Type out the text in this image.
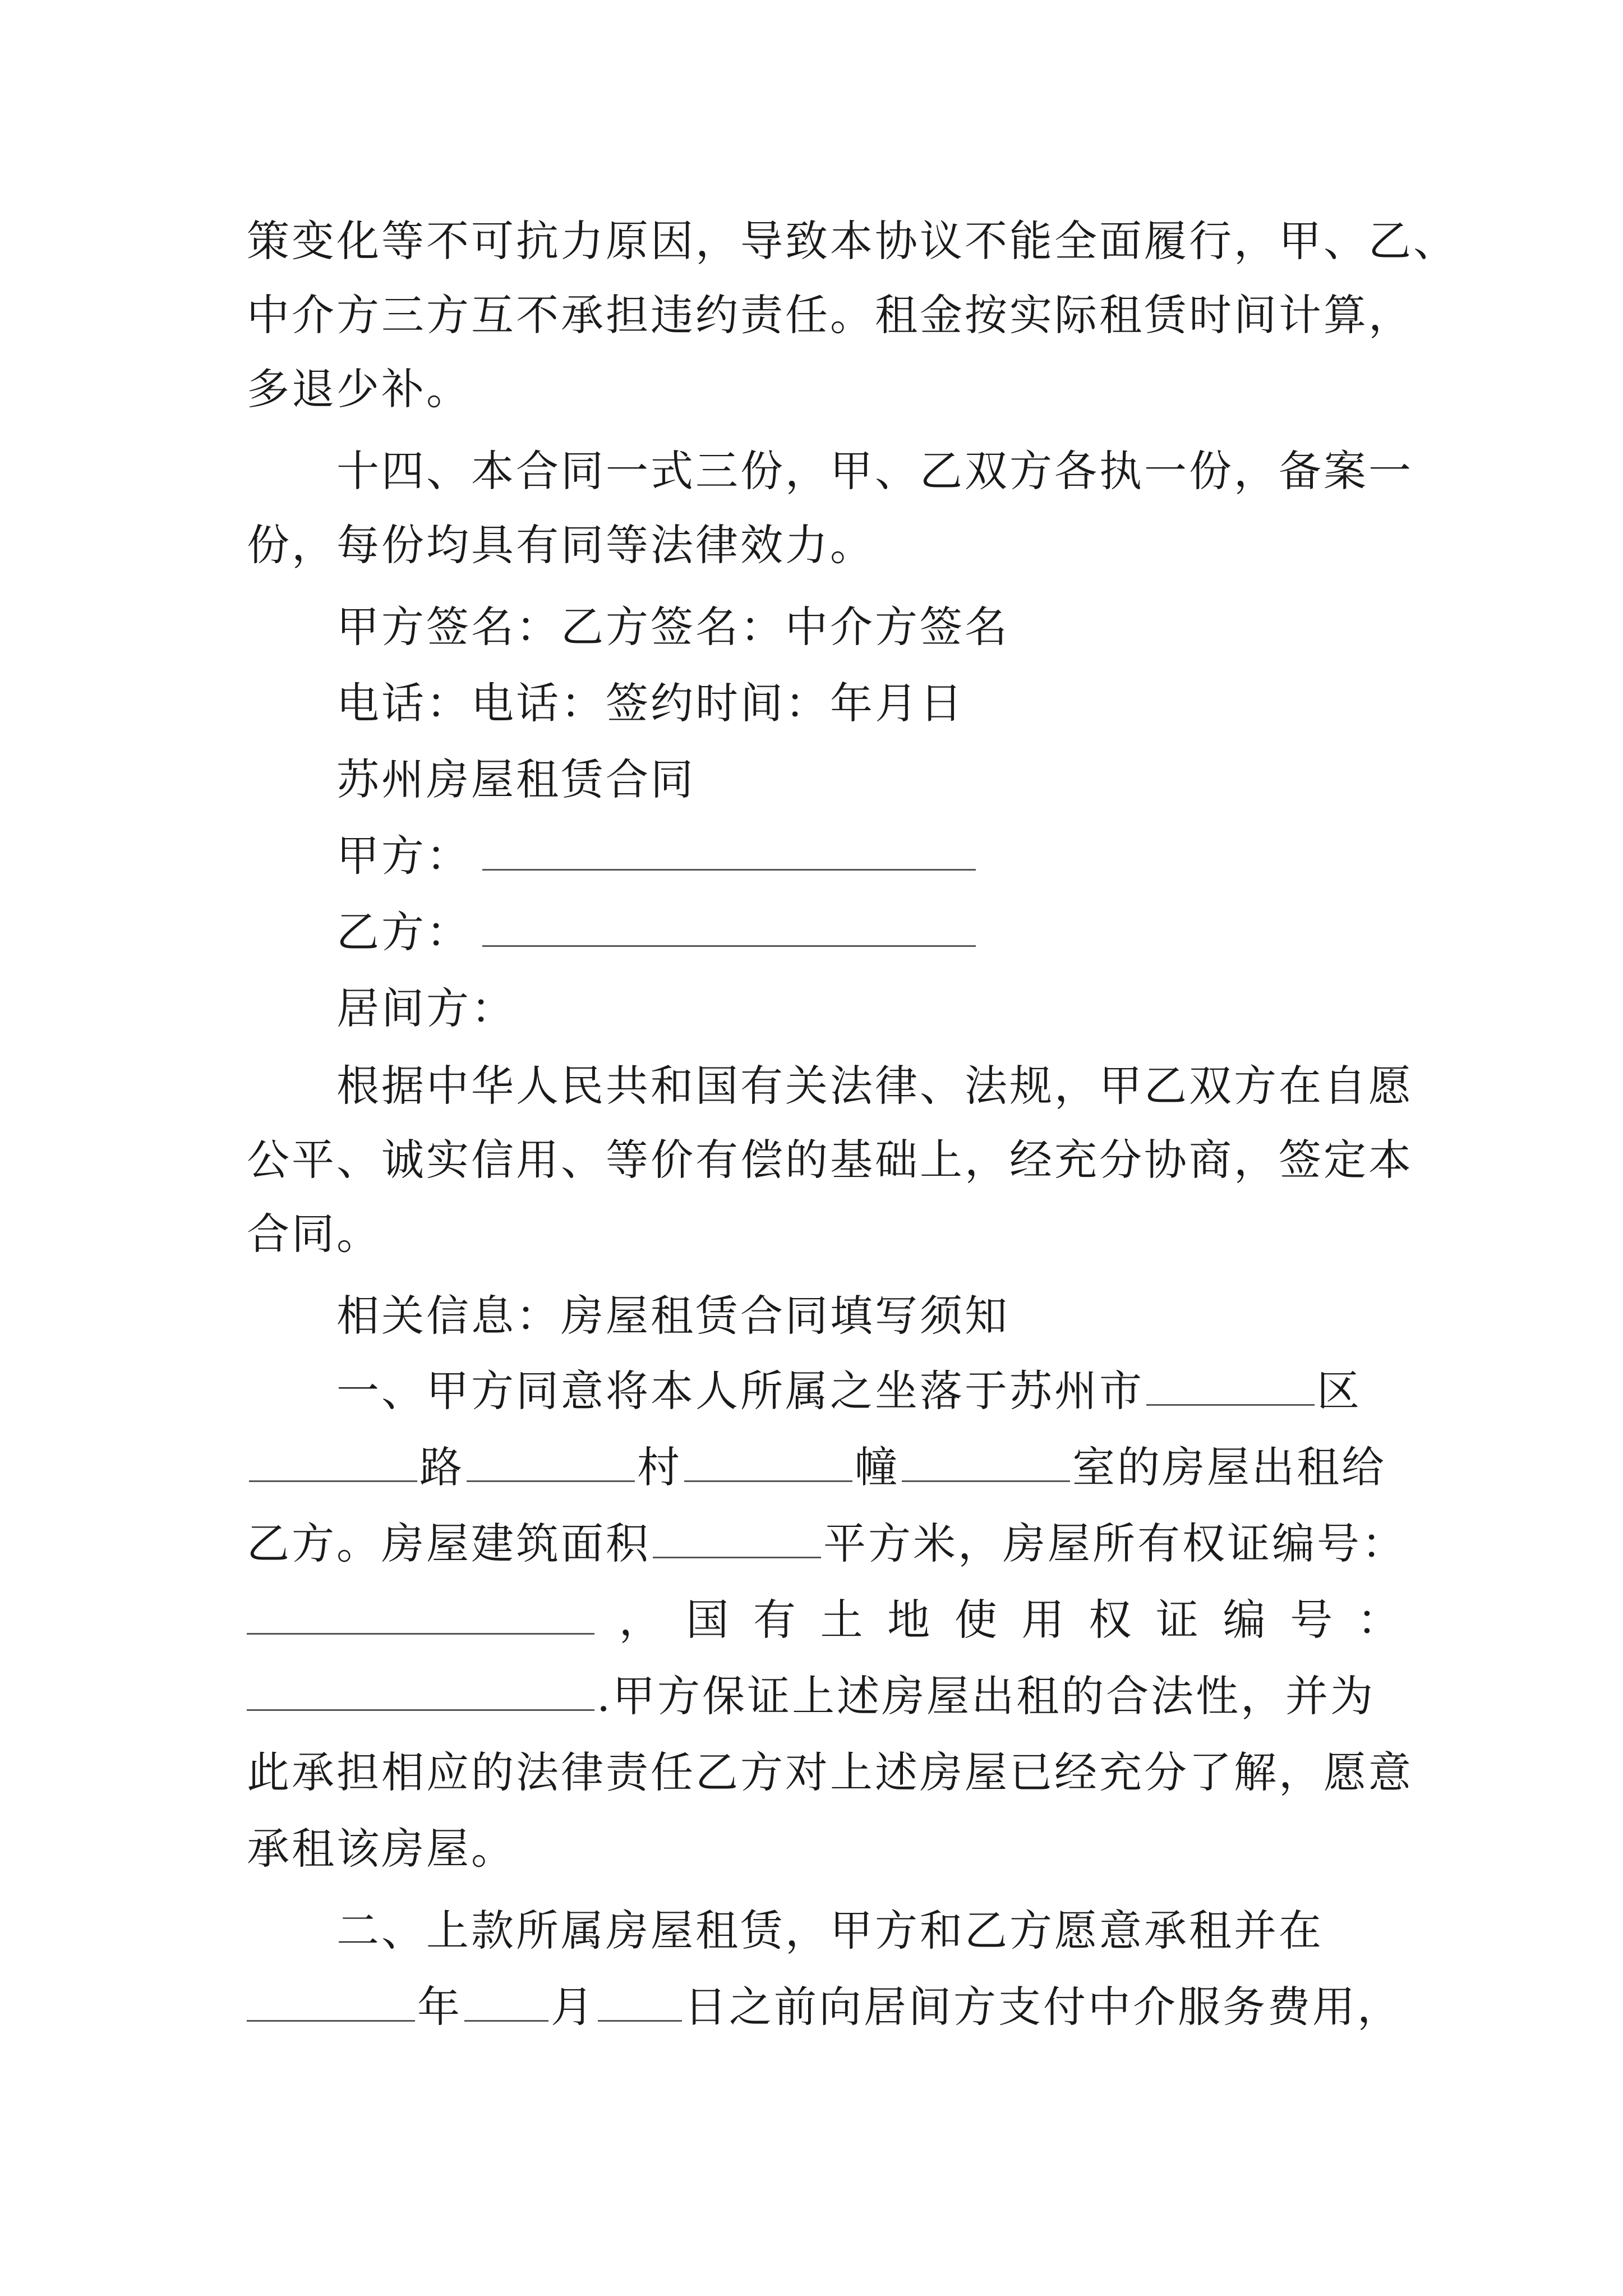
策变化等不可抗力原因，导致本协议不能全面履行，甲、乙、
中介方三方互不承担违约责任。租金按实际租赁时间计算，
多退少补。
十四、本合同一式三份，甲、乙双方各执一份，备案一
份，每份均具有同等法律效力。
甲方签名：乙方签名：中介方签名
电话：电话：签约时间：年月日
苏州房屋租赁合同
甲方：
乙方：
居间方：
根据中华人民共和国有关法律、法规，甲乙双方在自愿
公平、诚实信用、等价有偿的基础上，经充分协商，签定本
合同。
相关信息：房屋租赁合同填写须知
一、甲方同意将本人所属之坐落于苏州市	区
路	村	幢	室的房屋出租给
乙方。房屋建筑面积	平方米，房屋所有权证编号：
， 国 有 土 地 使 用 权 证 编 号 ：
.甲方保证上述房屋出租的合法性，并为
此承担相应的法律责任乙方对上述房屋已经充分了解，愿意
承租该房屋。
二、上款所属房屋租赁，甲方和乙方愿意承租并在
年 月 日之前向居间方支付中介服务费用，
